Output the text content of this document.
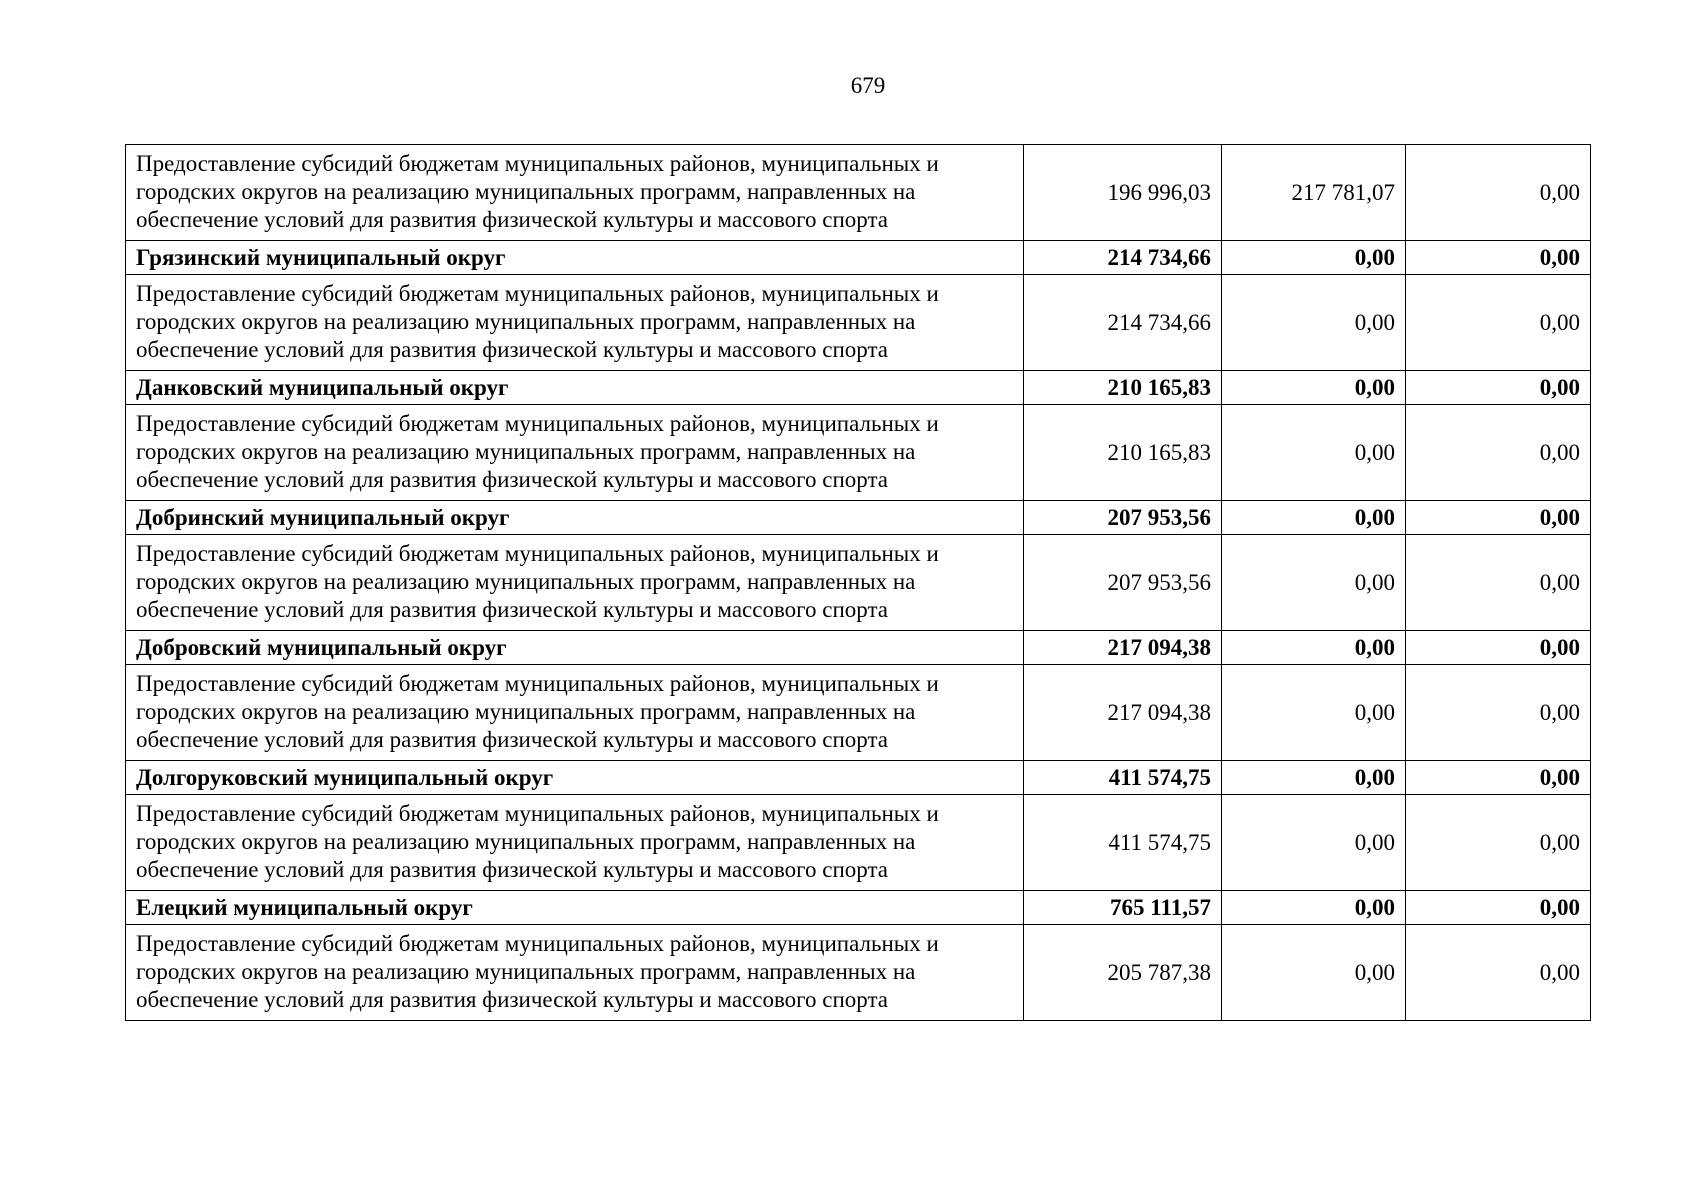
679
Предоставление субсидий бюджетам муниципальных районов, муниципальных и городских округов на реализацию муниципальных программ, направленных на обеспечение условий для развития физической культуры и массового спорта	196 996,03	217 781,07	0,00
Грязинский муниципальный округ	214 734,66	0,00	0,00
Предоставление субсидий бюджетам муниципальных районов, муниципальных и городских округов на реализацию муниципальных программ, направленных на обеспечение условий для развития физической культуры и массового спорта	214 734,66	0,00	0,00
Данковский муниципальный округ	210 165,83	0,00	0,00
Предоставление субсидий бюджетам муниципальных районов, муниципальных и городских округов на реализацию муниципальных программ, направленных на обеспечение условий для развития физической культуры и массового спорта	210 165,83	0,00	0,00
Добринский муниципальный округ	207 953,56	0,00	0,00
Предоставление субсидий бюджетам муниципальных районов, муниципальных и городских округов на реализацию муниципальных программ, направленных на обеспечение условий для развития физической культуры и массового спорта	207 953,56	0,00	0,00
Добровский муниципальный округ	217 094,38	0,00	0,00
Предоставление субсидий бюджетам муниципальных районов, муниципальных и городских округов на реализацию муниципальных программ, направленных на обеспечение условий для развития физической культуры и массового спорта	217 094,38	0,00	0,00
Долгоруковский муниципальный округ	411 574,75	0,00	0,00
Предоставление субсидий бюджетам муниципальных районов, муниципальных и городских округов на реализацию муниципальных программ, направленных на обеспечение условий для развития физической культуры и массового спорта	411 574,75	0,00	0,00
Елецкий муниципальный округ	765 111,57	0,00	0,00
Предоставление субсидий бюджетам муниципальных районов, муниципальных и городских округов на реализацию муниципальных программ, направленных на обеспечение условий для развития физической культуры и массового спорта	205 787,38	0,00	0,00
